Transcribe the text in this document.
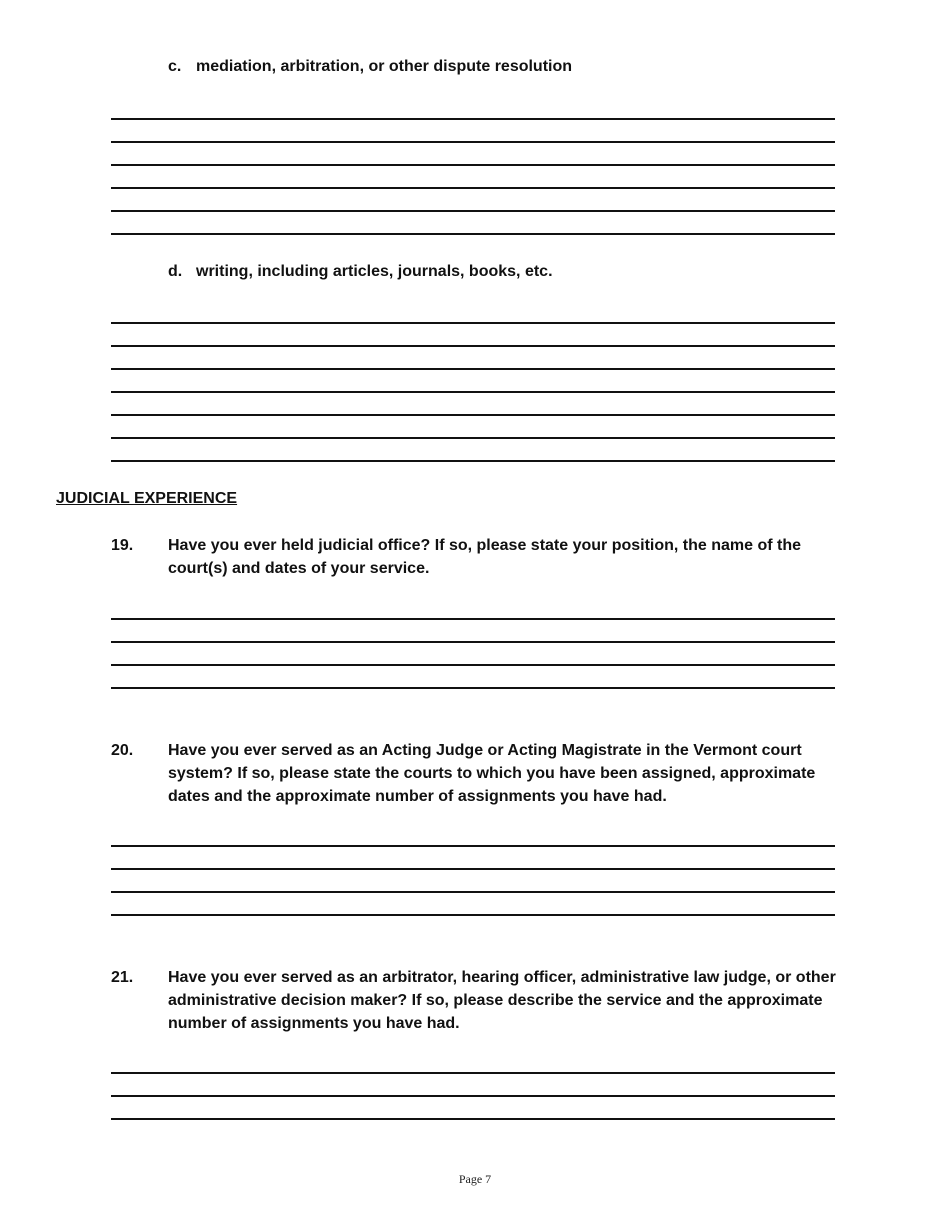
c. mediation, arbitration, or other dispute resolution
d. writing, including articles, journals, books, etc.
JUDICIAL EXPERIENCE
19. Have you ever held judicial office? If so, please state your position, the name of the court(s) and dates of your service.
20. Have you ever served as an Acting Judge or Acting Magistrate in the Vermont court system? If so, please state the courts to which you have been assigned, approximate dates and the approximate number of assignments you have had.
21. Have you ever served as an arbitrator, hearing officer, administrative law judge, or other administrative decision maker? If so, please describe the service and the approximate number of assignments you have had.
Page 7
